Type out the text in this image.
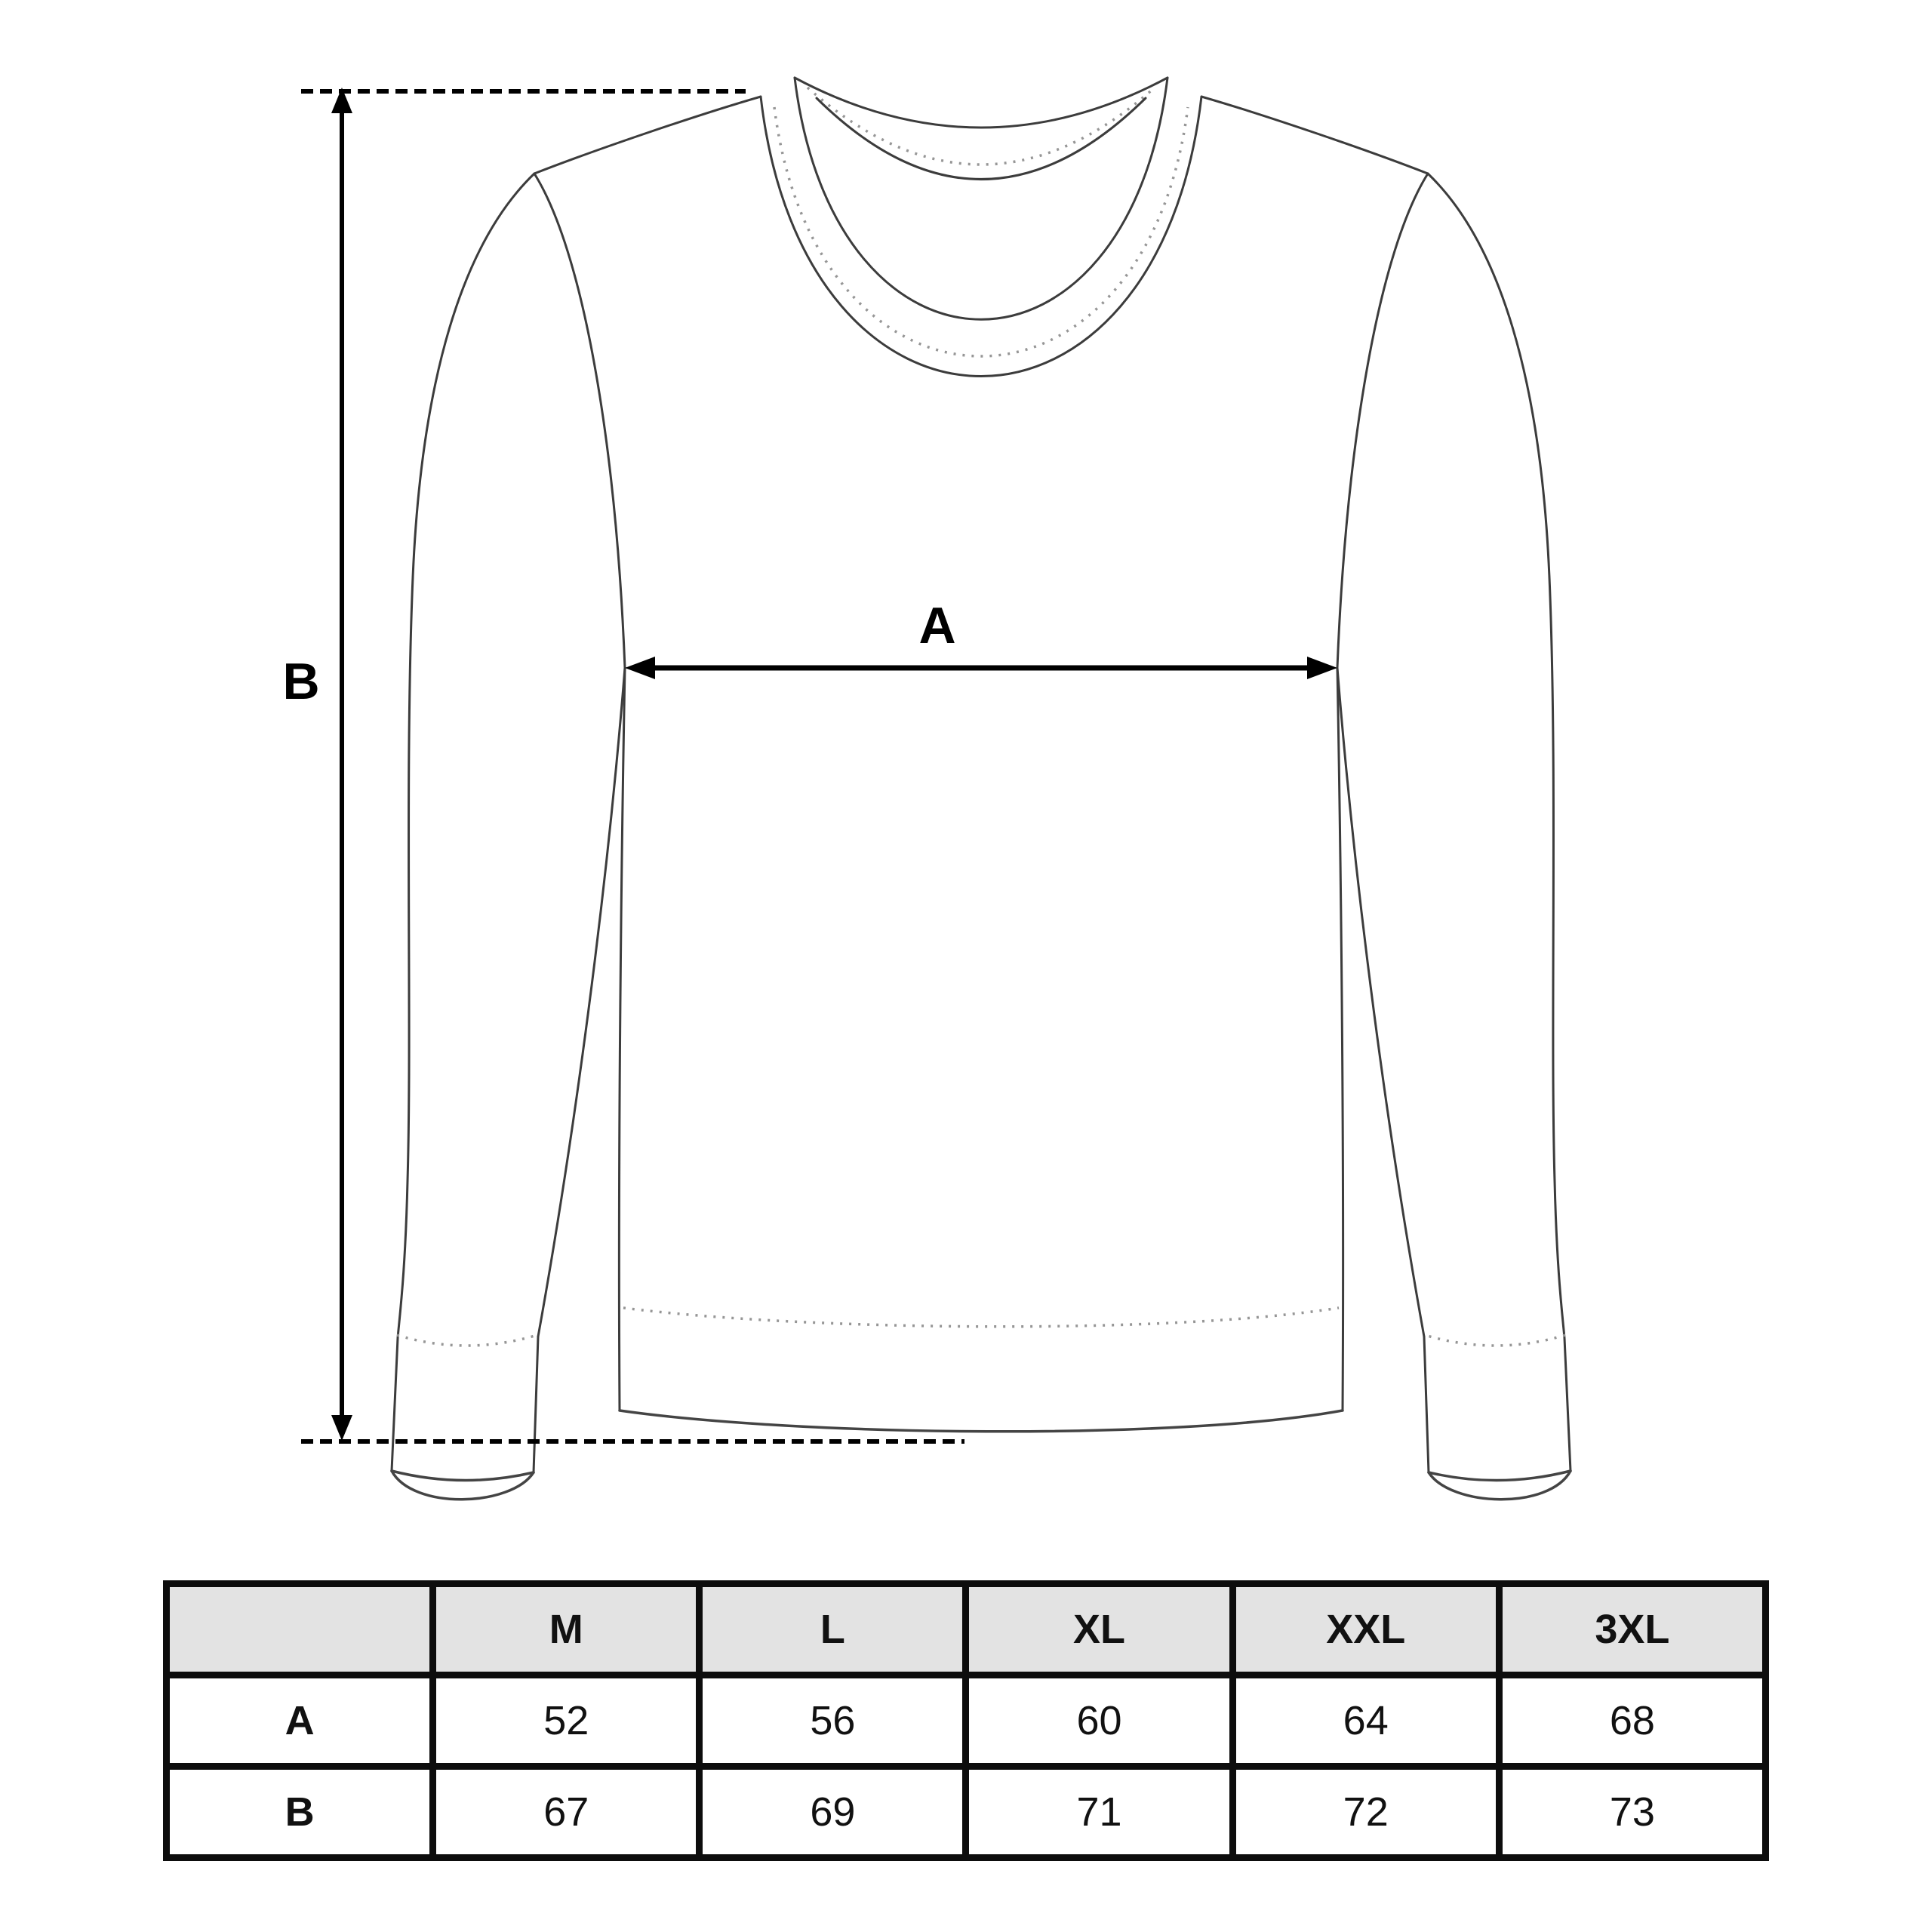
B
A
	M	L	XL	XXL	3XL
A	52	56	60	64	68
B	67	69	71	72	73
